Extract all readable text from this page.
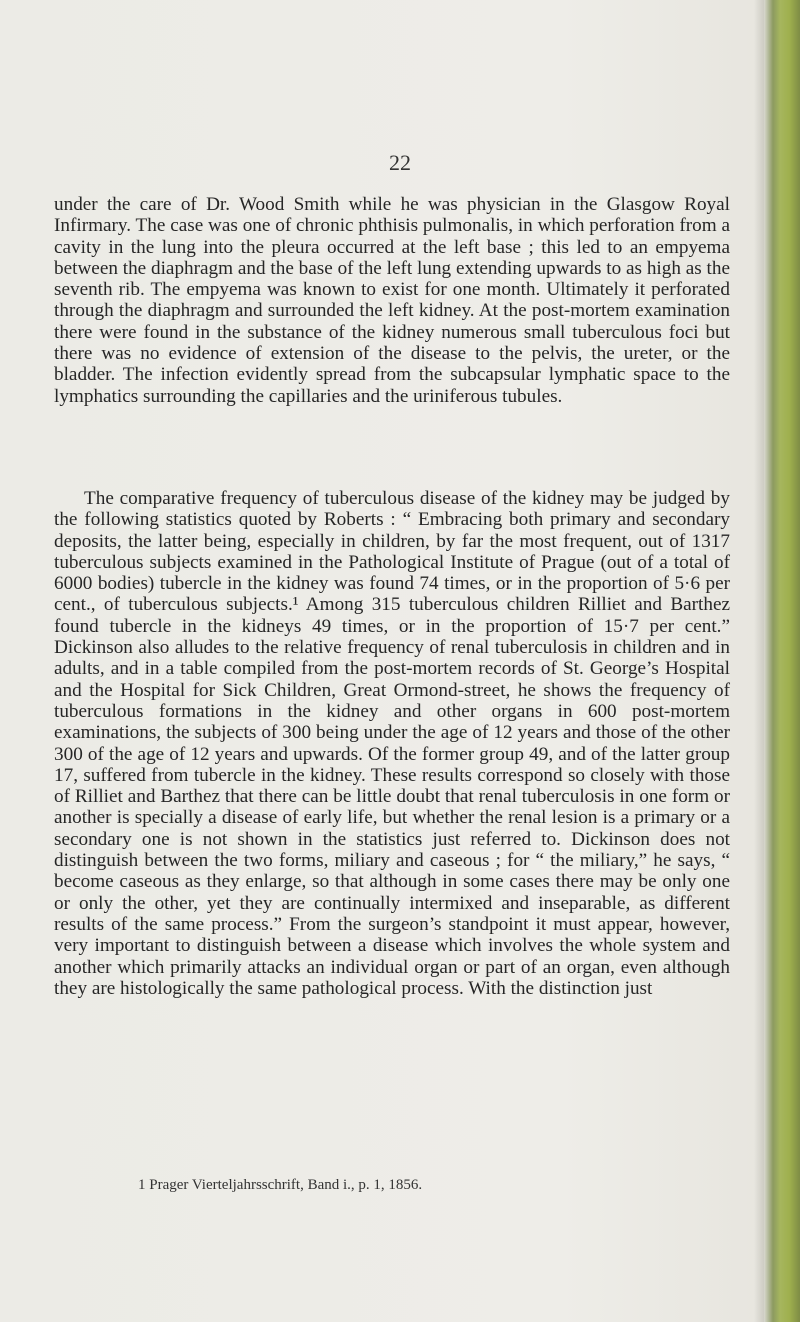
22
under the care of Dr. Wood Smith while he was physician in the Glasgow Royal Infirmary. The case was one of chronic phthisis pulmonalis, in which perforation from a cavity in the lung into the pleura occurred at the left base ; this led to an empyema between the diaphragm and the base of the left lung extending upwards to as high as the seventh rib. The empyema was known to exist for one month. Ultimately it perforated through the diaphragm and surrounded the left kidney. At the post-mortem examination there were found in the substance of the kidney numerous small tuberculous foci but there was no evidence of extension of the disease to the pelvis, the ureter, or the bladder. The infection evidently spread from the subcapsular lymphatic space to the lymphatics surrounding the capillaries and the uriniferous tubules.
The comparative frequency of tuberculous disease of the kidney may be judged by the following statistics quoted by Roberts : “ Embracing both primary and secondary deposits, the latter being, especially in children, by far the most frequent, out of 1317 tuberculous subjects examined in the Pathological Institute of Prague (out of a total of 6000 bodies) tubercle in the kidney was found 74 times, or in the proportion of 5·6 per cent., of tuberculous subjects.¹ Among 315 tuberculous children Rilliet and Barthez found tubercle in the kidneys 49 times, or in the proportion of 15·7 per cent.” Dickinson also alludes to the relative frequency of renal tuberculosis in children and in adults, and in a table compiled from the post-mortem records of St. George’s Hospital and the Hospital for Sick Children, Great Ormond-street, he shows the frequency of tuberculous formations in the kidney and other organs in 600 post-mortem examinations, the subjects of 300 being under the age of 12 years and those of the other 300 of the age of 12 years and upwards. Of the former group 49, and of the latter group 17, suffered from tubercle in the kidney. These results correspond so closely with those of Rilliet and Barthez that there can be little doubt that renal tuberculosis in one form or another is specially a disease of early life, but whether the renal lesion is a primary or a secondary one is not shown in the statistics just referred to. Dickinson does not distinguish between the two forms, miliary and caseous ; for “ the miliary,” he says, “ become caseous as they enlarge, so that although in some cases there may be only one or only the other, yet they are continually intermixed and inseparable, as different results of the same process.” From the surgeon’s standpoint it must appear, however, very important to distinguish between a disease which involves the whole system and another which primarily attacks an individual organ or part of an organ, even although they are histologically the same pathological process. With the distinction just
1 Prager Vierteljahrsschrift, Band i., p. 1, 1856.
